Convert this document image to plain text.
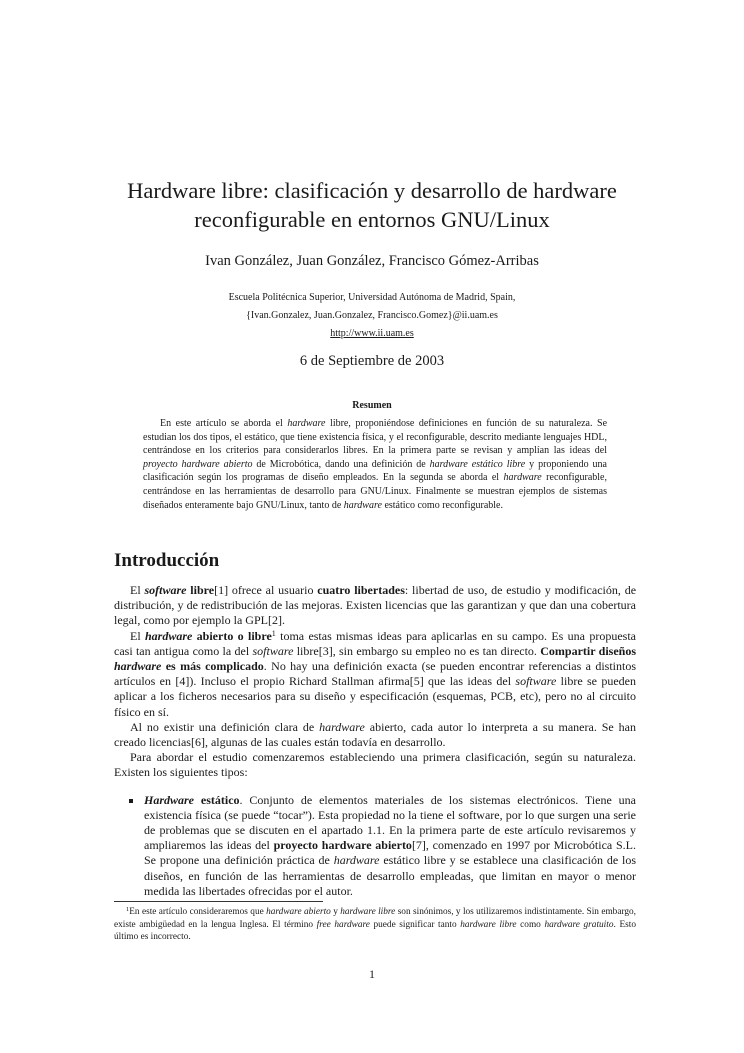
Hardware libre: clasificación y desarrollo de hardware
reconfigurable en entornos GNU/Linux
Ivan González, Juan González, Francisco Gómez-Arribas
Escuela Politécnica Superior, Universidad Autónoma de Madrid, Spain,
{Ivan.Gonzalez, Juan.Gonzalez, Francisco.Gomez}@ii.uam.es
http://www.ii.uam.es
6 de Septiembre de 2003
Resumen

En este artículo se aborda el hardware libre, proponiéndose definiciones en función de su naturaleza. Se estudian los dos tipos, el estático, que tiene existencia física, y el reconfigurable, descrito mediante lenguajes HDL, centrándose en los criterios para considerarlos libres. En la primera parte se revisan y amplían las ideas del proyecto hardware abierto de Microbótica, dando una definición de hardware estático libre y proponiendo una clasificación según los programas de diseño empleados. En la segunda se aborda el hardware reconfigurable, centrándose en las herramientas de desarrollo para GNU/Linux. Finalmente se muestran ejemplos de sistemas diseñados enteramente bajo GNU/Linux, tanto de hardware estático como reconfigurable.

Introducción

El software libre[1] ofrece al usuario cuatro libertades: libertad de uso, de estudio y modificación, de distribución, y de redistribución de las mejoras. Existen licencias que las garantizan y que dan una cobertura legal, como por ejemplo la GPL[2].

El hardware abierto o libre$^1$ toma estas mismas ideas para aplicarlas en su campo. Es una propuesta casi tan antigua como la del software libre[3], sin embargo su empleo no es tan directo. Compartir diseños hardware es más complicado. No hay una definición exacta (se pueden encontrar referencias a distintos artículos en [4]). Incluso el propio Richard Stallman afirma[5] que las ideas del software libre se pueden aplicar a los ficheros necesarios para su diseño y especificación (esquemas, PCB, etc), pero no al circuito físico en sí.

Al no existir una definición clara de hardware abierto, cada autor lo interpreta a su manera. Se han creado licencias[6], algunas de las cuales están todavía en desarrollo.

Para abordar el estudio comenzaremos estableciendo una primera clasificación, según su naturaleza. Existen los siguientes tipos:

Hardware estático. Conjunto de elementos materiales de los sistemas electrónicos. Tiene una existencia física (se puede “tocar”). Esta propiedad no la tiene el software, por lo que surgen una serie de problemas que se discuten en el apartado 1.1. En la primera parte de este artículo revisaremos y ampliaremos las ideas del proyecto hardware abierto[7], comenzado en 1997 por Microbótica S.L. Se propone una definición práctica de hardware estático libre y se establece una clasificación de los diseños, en función de las herramientas de desarrollo empleadas, que limitan en mayor o menor medida las libertades ofrecidas por el autor.
$^1$En este artículo consideraremos que hardware abierto y hardware libre son sinónimos, y los utilizaremos indistintamente. Sin embargo, existe ambigüedad en la lengua Inglesa. El término free hardware puede significar tanto hardware libre como hardware gratuito. Esto último es incorrecto.
1
